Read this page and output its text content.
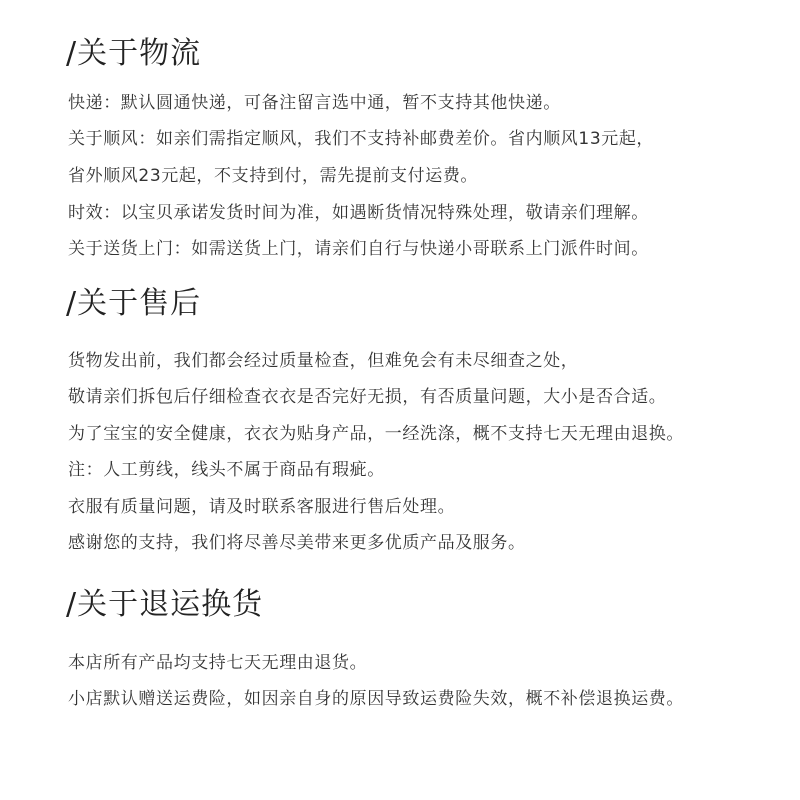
/关于物流
快递：默认圆通快递，可备注留言选中通，暂不支持其他快递。
关于顺风：如亲们需指定顺风，我们不支持补邮费差价。省内顺风13元起，
省外顺风23元起，不支持到付，需先提前支付运费。
时效：以宝贝承诺发货时间为准，如遇断货情况特殊处理，敬请亲们理解。
关于送货上门：如需送货上门，请亲们自行与快递小哥联系上门派件时间。
/关于售后
货物发出前，我们都会经过质量检查，但难免会有未尽细查之处，
敬请亲们拆包后仔细检查衣衣是否完好无损，有否质量问题，大小是否合适。
为了宝宝的安全健康，衣衣为贴身产品，一经洗涤，概不支持七天无理由退换。
注：人工剪线，线头不属于商品有瑕疵。
衣服有质量问题，请及时联系客服进行售后处理。
感谢您的支持，我们将尽善尽美带来更多优质产品及服务。
/关于退运换货
本店所有产品均支持七天无理由退货。
小店默认赠送运费险，如因亲自身的原因导致运费险失效，概不补偿退换运费。
